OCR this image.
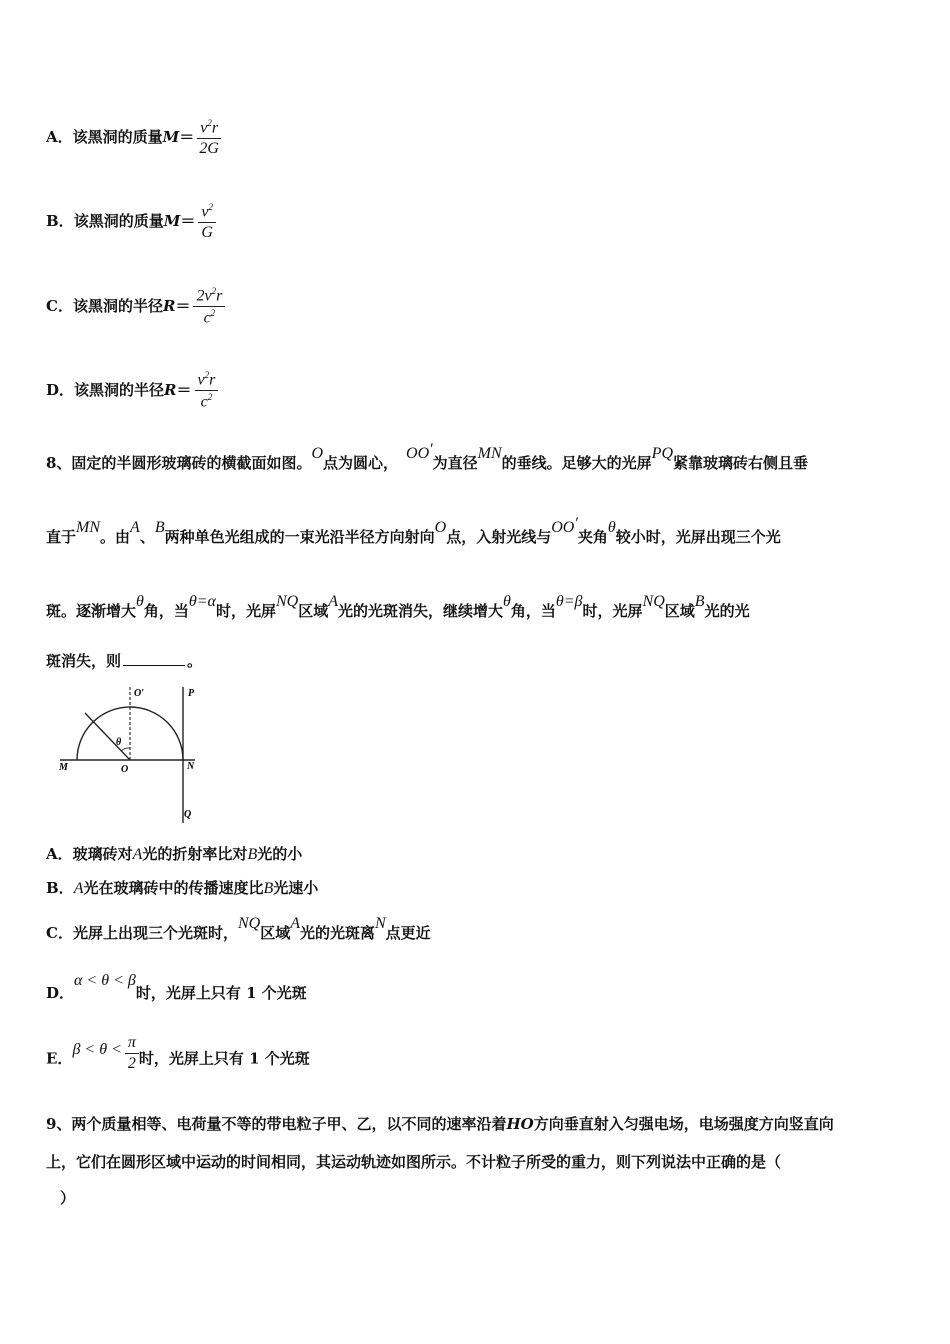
A．该黑洞的质量$M= \frac{v^2r}{2G}$
B．该黑洞的质量$M= \frac{v^2}{G}$
C．该黑洞的半径$R= \frac{2v^2r}{c^2}$
D．该黑洞的半径$R= \frac{v^2r}{c^2}$
8、固定的半圆形玻璃砖的横截面如图。O点为圆心，OO′为直径MN的垂线。足够大的光屏PQ紧靠玻璃砖右侧且垂
直于MN。由A、B两种单色光组成的一束光沿半径方向射向O点，入射光线与OO′夹角θ较小时，光屏出现三个光
斑。逐渐增大θ角，当θ=α时，光屏NQ区域A光的光斑消失，继续增大θ角，当θ=β时，光屏NQ区域B光的光
斑消失，则	。
O′	P
M	O
θ
N
Q
A．玻璃砖对A光的折射率比对B光的小
B．A光在玻璃砖中的传播速度比B光速小
C．光屏上出现三个光斑时，NQ区域A光的光斑离N点更近
D．α < θ < β时，光屏上只有 1 个光斑
E．$\beta < \theta < \frac{\pi}{2}$ 时，光屏上只有 1 个光斑
9、两个质量相等、电荷量不等的带电粒子甲、乙，以不同的速率沿着HO方向垂直射入匀强电场，电场强度方向竖直向
上，它们在圆形区域中运动的时间相同，其运动轨迹如图所示。不计粒子所受的重力，则下列说法中正确的是（
）
